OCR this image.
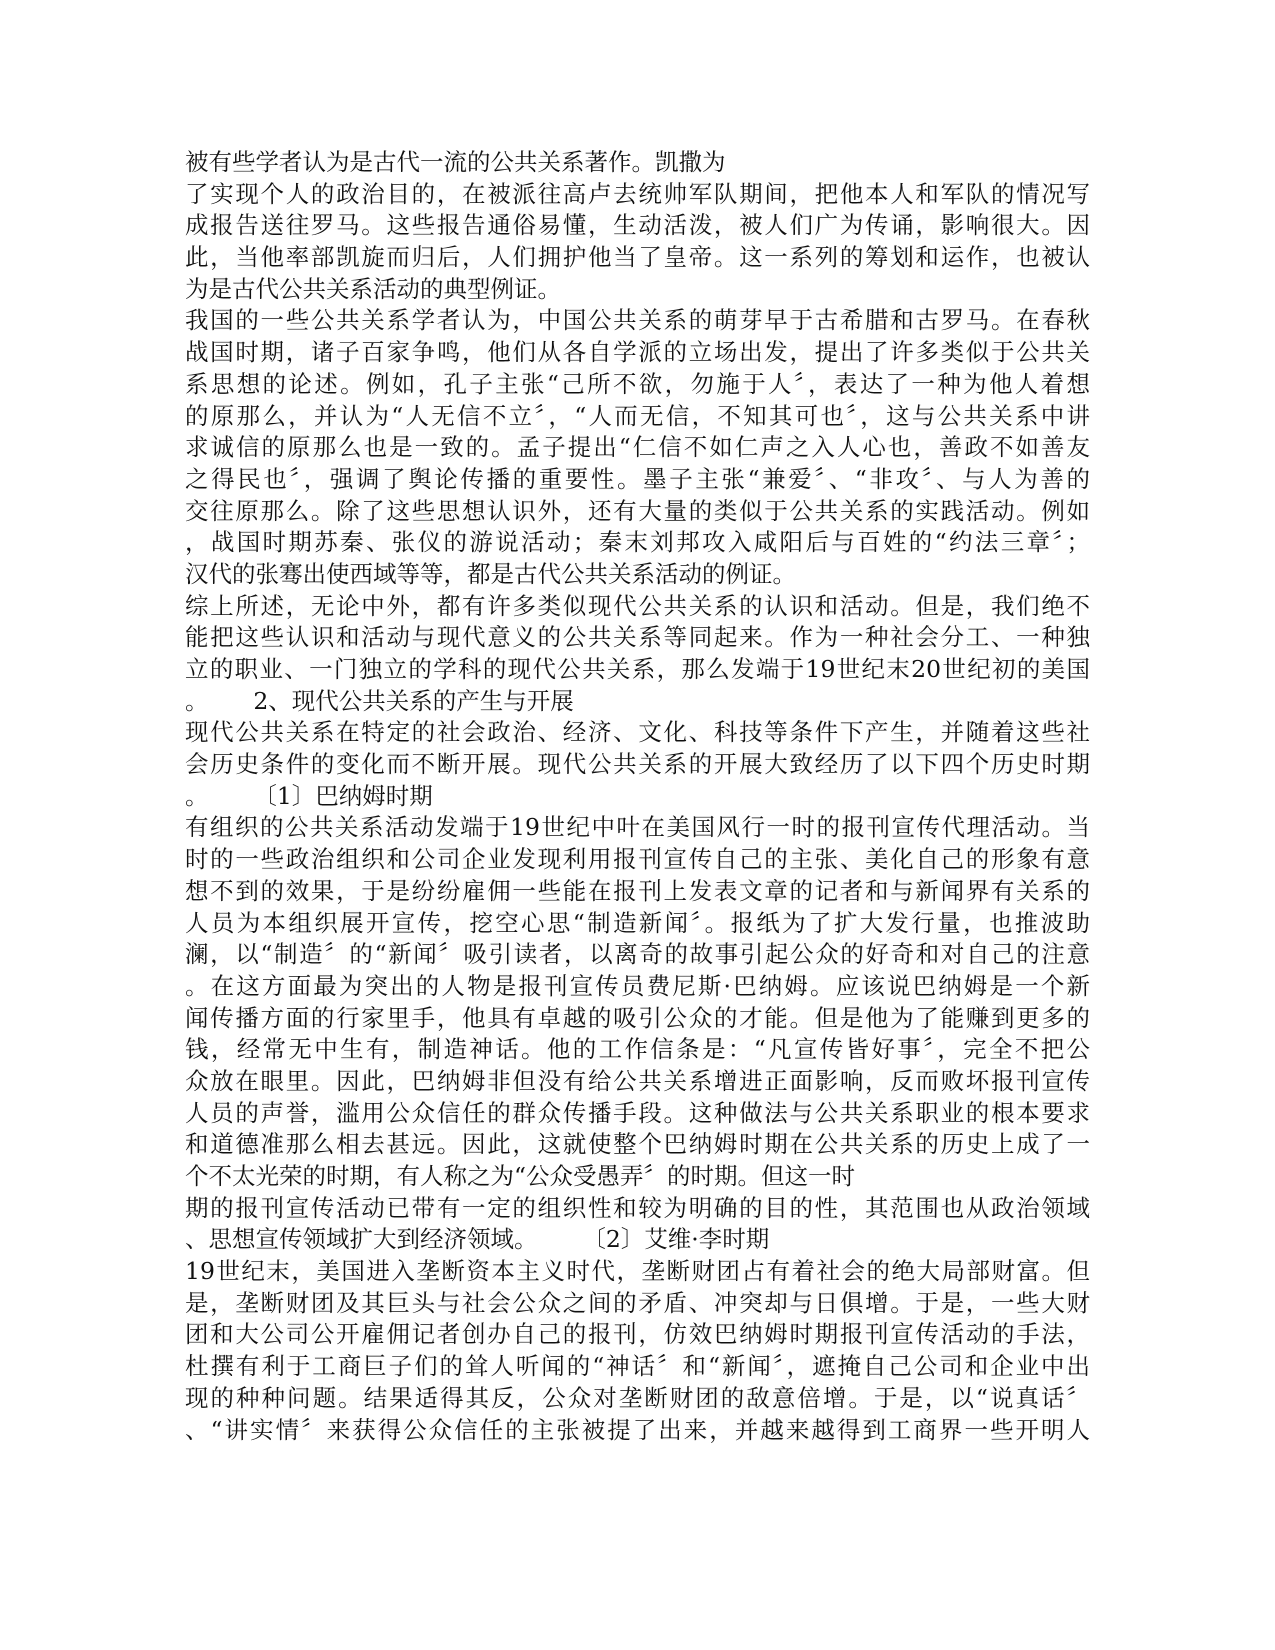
被有些学者认为是古代一流的公共关系著作。凯撒为
了实现个人的政治目的，在被派往高卢去统帅军队期间，把他本人和军队的情况写
成报告送往罗马。这些报告通俗易懂，生动活泼，被人们广为传诵，影响很大。因
此，当他率部凯旋而归后，人们拥护他当了皇帝。这一系列的筹划和运作，也被认
为是古代公共关系活动的典型例证。
我国的一些公共关系学者认为，中国公共关系的萌芽早于古希腊和古罗马。在春秋
战国时期，诸子百家争鸣，他们从各自学派的立场出发，提出了许多类似于公共关
系思想的论述。例如，孔子主张“己所不欲，勿施于人〞，表达了一种为他人着想
的原那么，并认为“人无信不立〞，“人而无信，不知其可也〞，这与公共关系中讲
求诚信的原那么也是一致的。孟子提出“仁信不如仁声之入人心也，善政不如善友
之得民也〞，强调了舆论传播的重要性。墨子主张“兼爱〞、“非攻〞、与人为善的
交往原那么。除了这些思想认识外，还有大量的类似于公共关系的实践活动。例如
，战国时期苏秦、张仪的游说活动；秦末刘邦攻入咸阳后与百姓的“约法三章〞；
汉代的张骞出使西域等等，都是古代公共关系活动的例证。
综上所述，无论中外，都有许多类似现代公共关系的认识和活动。但是，我们绝不
能把这些认识和活动与现代意义的公共关系等同起来。作为一种社会分工、一种独
立的职业、一门独立的学科的现代公共关系，那么发端于19世纪末20世纪初的美国
。      2、现代公共关系的产生与开展
现代公共关系在特定的社会政治、经济、文化、科技等条件下产生，并随着这些社
会历史条件的变化而不断开展。现代公共关系的开展大致经历了以下四个历史时期
。      〔1〕巴纳姆时期
有组织的公共关系活动发端于19世纪中叶在美国风行一时的报刊宣传代理活动。当
时的一些政治组织和公司企业发现利用报刊宣传自己的主张、美化自己的形象有意
想不到的效果，于是纷纷雇佣一些能在报刊上发表文章的记者和与新闻界有关系的
人员为本组织展开宣传，挖空心思“制造新闻〞。报纸为了扩大发行量，也推波助
澜，以“制造〞的“新闻〞吸引读者，以离奇的故事引起公众的好奇和对自己的注意
。在这方面最为突出的人物是报刊宣传员费尼斯·巴纳姆。应该说巴纳姆是一个新
闻传播方面的行家里手，他具有卓越的吸引公众的才能。但是他为了能赚到更多的
钱，经常无中生有，制造神话。他的工作信条是：“凡宣传皆好事〞，完全不把公
众放在眼里。因此，巴纳姆非但没有给公共关系增进正面影响，反而败坏报刊宣传
人员的声誉，滥用公众信任的群众传播手段。这种做法与公共关系职业的根本要求
和道德准那么相去甚远。因此，这就使整个巴纳姆时期在公共关系的历史上成了一
个不太光荣的时期，有人称之为“公众受愚弄〞的时期。但这一时
期的报刊宣传活动已带有一定的组织性和较为明确的目的性，其范围也从政治领域
、思想宣传领域扩大到经济领域。      〔2〕艾维·李时期
19世纪末，美国进入垄断资本主义时代，垄断财团占有着社会的绝大局部财富。但
是，垄断财团及其巨头与社会公众之间的矛盾、冲突却与日俱增。于是，一些大财
团和大公司公开雇佣记者创办自己的报刊，仿效巴纳姆时期报刊宣传活动的手法，
杜撰有利于工商巨子们的耸人听闻的“神话〞和“新闻〞，遮掩自己公司和企业中出
现的种种问题。结果适得其反，公众对垄断财团的敌意倍增。于是，以“说真话〞
、“讲实情〞来获得公众信任的主张被提了出来，并越来越得到工商界一些开明人
